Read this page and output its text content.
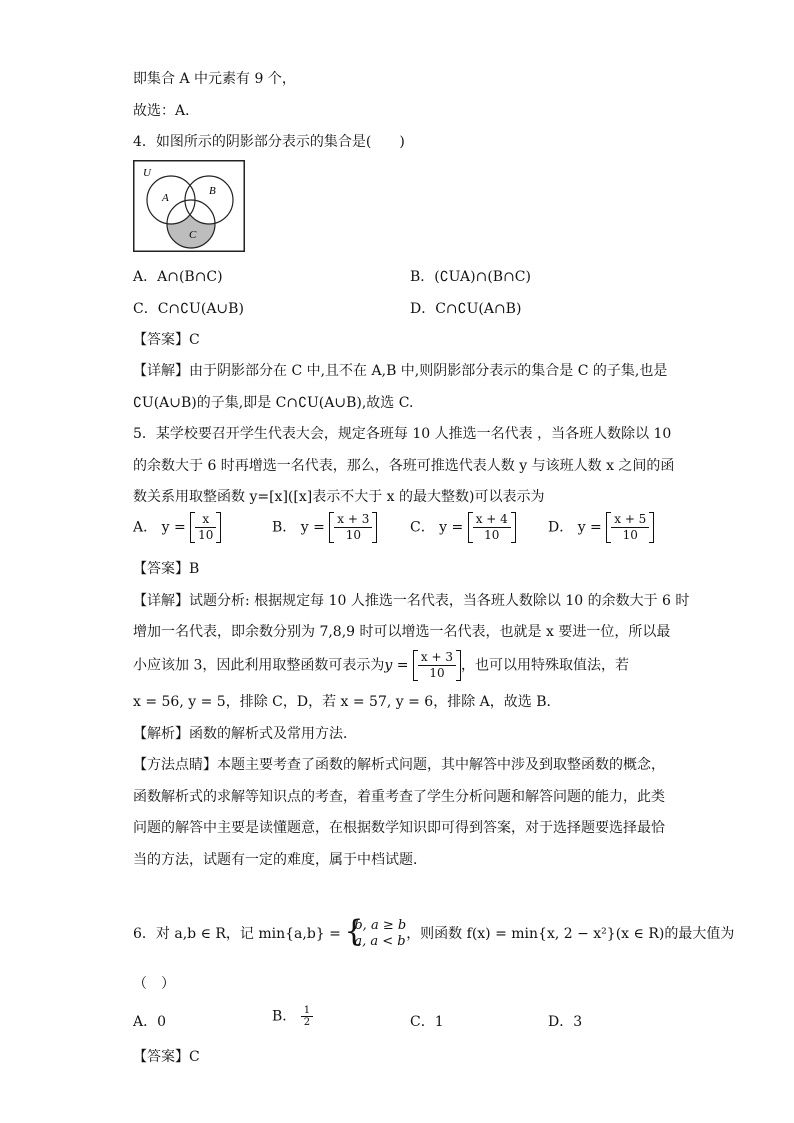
即集合 A 中元素有 9 个，
故选：A．
4．如图所示的阴影部分表示的集合是(　　)
U
A
B
C
A．A∩(B∩C)	B．(∁UA)∩(B∩C)
C．C∩∁U(A∪B)	D．C∩∁U(A∩B)
【答案】C
【详解】由于阴影部分在 C 中,且不在 A,B 中,则阴影部分表示的集合是 C 的子集,也是
∁U(A∪B)的子集,即是 C∩∁U(A∪B),故选 C.
5．某学校要召开学生代表大会，规定各班每 10 人推选一名代表 ，当各班人数除以 10
的余数大于 6 时再增选一名代表，那么，各班可推选代表人数 y 与该班人数 x 之间的函
数关系用取整函数 y=[x]([x]表示不大于 x 的最大整数)可以表示为
A． $y = \frac{x}{10}$	B． $y = \frac{x + 3}{10}$	C． $y = \frac{x + 4}{10}$	D． $y = \frac{x + 5}{10}$
【答案】B
【详解】试题分析: 根据规定每 10 人推选一名代表，当各班人数除以 10 的余数大于 6 时
增加一名代表，即余数分别为 7,8,9 时可以增选一名代表，也就是 x 要进一位，所以最
小应该加 3，因此利用取整函数可表示为$y = \frac{x + 3}{10}$ ，也可以用特殊取值法，若
x = 56, y = 5，排除 C，D，若 x = 57, y = 6，排除 A，故选 B．
【解析】函数的解析式及常用方法．
【方法点睛】本题主要考查了函数的解析式问题，其中解答中涉及到取整函数的概念，
函数解析式的求解等知识点的考查，着重考查了学生分析问题和解答问题的能力，此类
问题的解答中主要是读懂题意，在根据数学知识即可得到答案，对于选择题要选择最恰
当的方法，试题有一定的难度，属于中档试题．
6．对 a,b ∈ R，记 min{a,b} =
{ b, a ≥ b
a, a < b ，则函数 f(x) = min{x, 2 − x²}(x ∈ R)的最大值为
（　）
A．0	B． $\frac{1}{2}$	C．1	D．3
【答案】C
